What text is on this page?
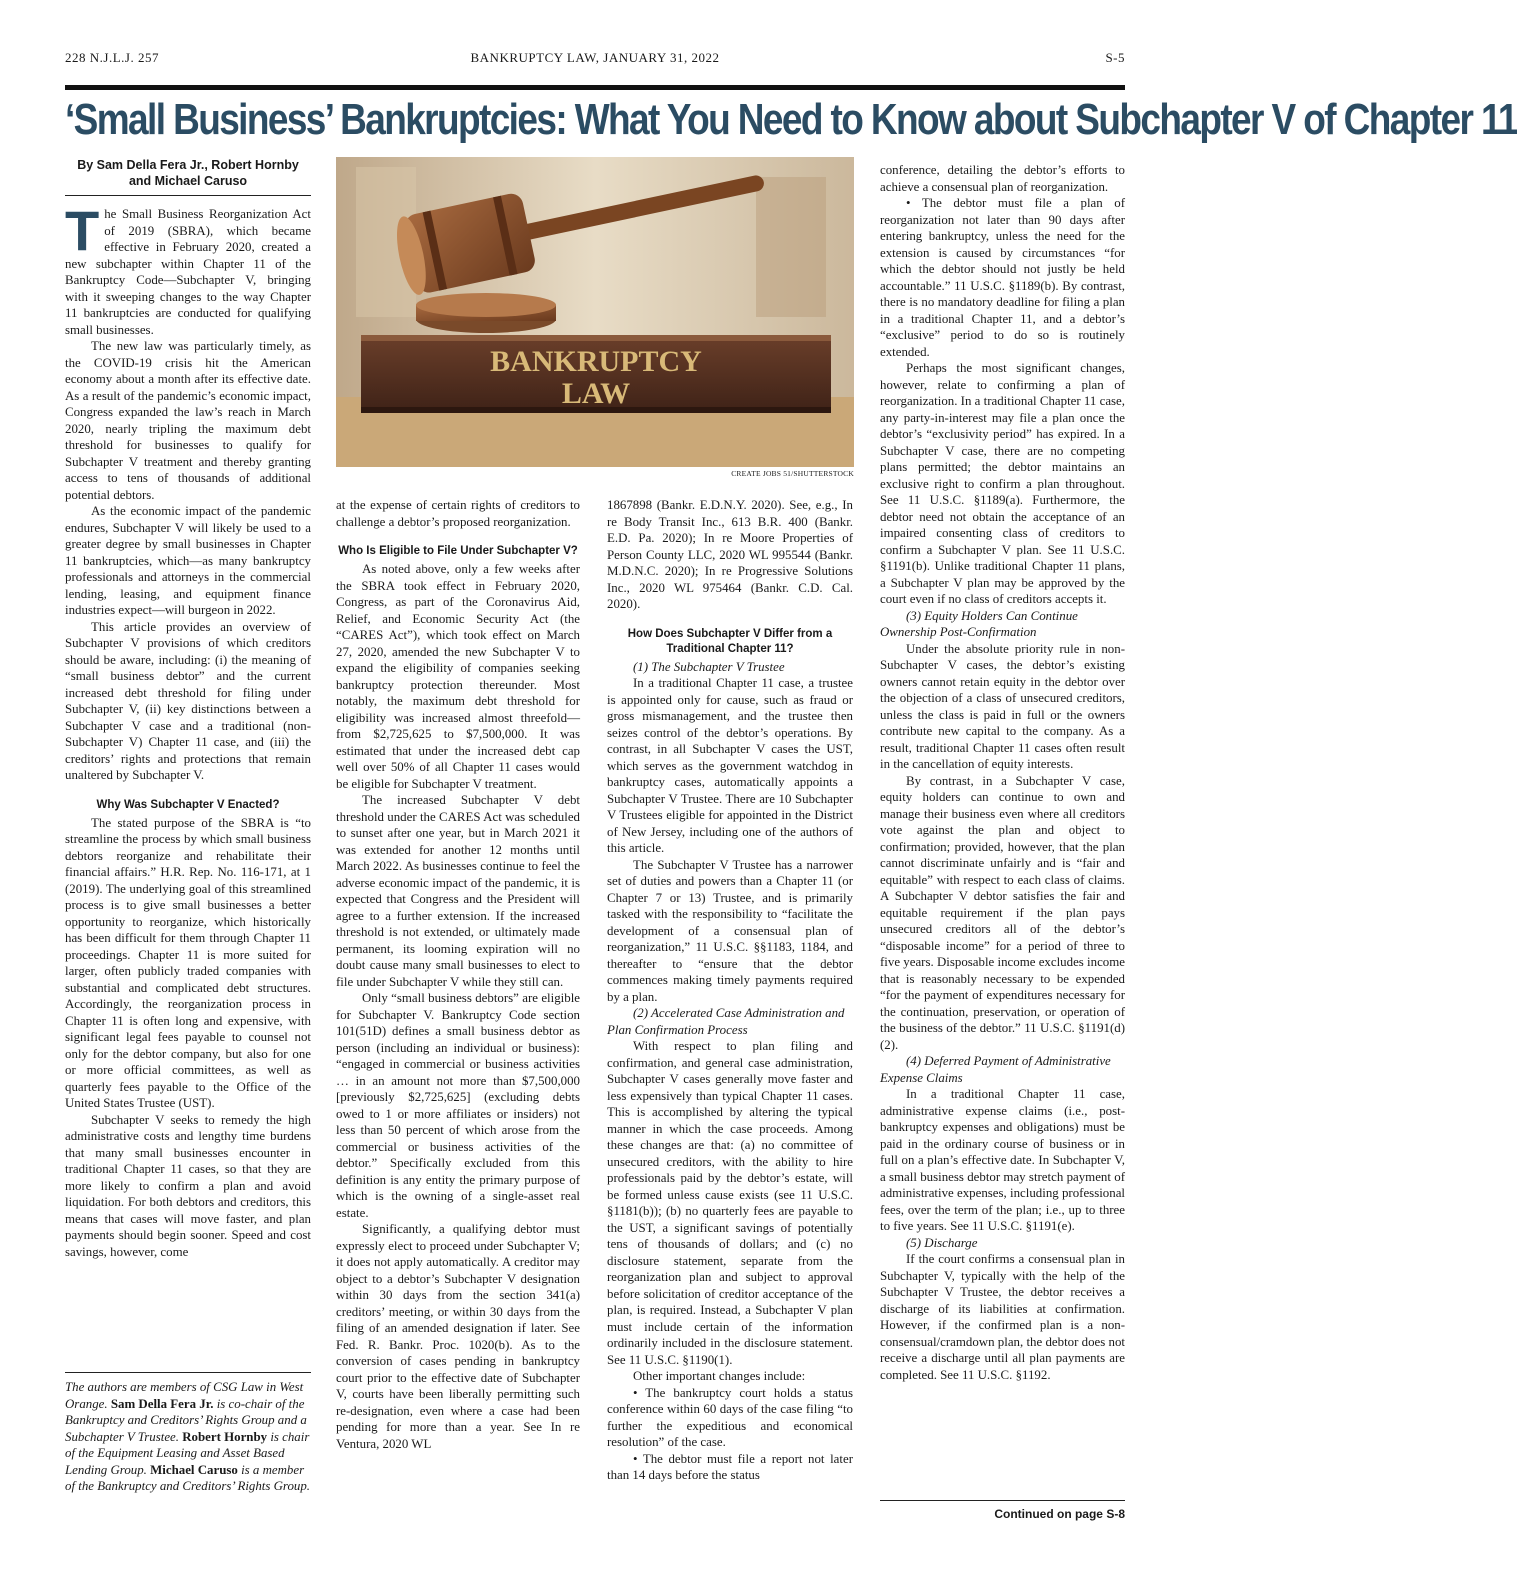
228 N.J.L.J. 257	BANKRUPTCY LAW, JANUARY 31, 2022	S-5
‘Small Business’ Bankruptcies: What You Need to Know about Subchapter V of Chapter 11
By Sam Della Fera Jr., Robert Hornby
and Michael Caruso
T he Small Business Reorganization Act of 2019 (SBRA), which became effective in February 2020, created a new subchapter within Chapter 11 of the Bankruptcy Code—Subchapter V, bringing with it sweeping changes to the way Chapter 11 bankruptcies are conducted for qualifying small businesses.

The new law was particularly timely, as the COVID-19 crisis hit the American economy about a month after its effective date. As a result of the pandemic’s economic impact, Congress expanded the law’s reach in March 2020, nearly tripling the maximum debt threshold for businesses to qualify for Subchapter V treatment and thereby granting access to tens of thousands of additional potential debtors.

As the economic impact of the pandemic endures, Subchapter V will likely be used to a greater degree by small businesses in Chapter 11 bankruptcies, which—as many bankruptcy professionals and attorneys in the commercial lending, leasing, and equipment finance industries expect—will burgeon in 2022.

This article provides an overview of Subchapter V provisions of which creditors should be aware, including: (i) the meaning of “small business debtor” and the current increased debt threshold for filing under Subchapter V, (ii) key distinctions between a Subchapter V case and a traditional (non-Subchapter V) Chapter 11 case, and (iii) the creditors’ rights and protections that remain unaltered by Subchapter V.

Why Was Subchapter V Enacted?

The stated purpose of the SBRA is “to streamline the process by which small business debtors reorganize and rehabilitate their financial affairs.” H.R. Rep. No. 116-171, at 1 (2019). The underlying goal of this streamlined process is to give small businesses a better opportunity to reorganize, which historically has been difficult for them through Chapter 11 proceedings. Chapter 11 is more suited for larger, often publicly traded companies with substantial and complicated debt structures. Accordingly, the reorganization process in Chapter 11 is often long and expensive, with significant legal fees payable to counsel not only for the debtor company, but also for one or more official committees, as well as quarterly fees payable to the Office of the United States Trustee (UST).

Subchapter V seeks to remedy the high administrative costs and lengthy time burdens that many small businesses encounter in traditional Chapter 11 cases, so that they are more likely to confirm a plan and avoid liquidation. For both debtors and creditors, this means that cases will move faster, and plan payments should begin sooner. Speed and cost savings, however, come

The authors are members of CSG Law in West Orange. Sam Della Fera Jr. is co-chair of the Bankruptcy and Creditors’ Rights Group and a Subchapter V Trustee. Robert Hornby is chair of the Equipment Leasing and Asset Based Lending Group. Michael Caruso is a member of the Bankruptcy and Creditors’ Rights Group.
BANKRUPTCY
LAW
CREATE JOBS 51/SHUTTERSTOCK

at the expense of certain rights of creditors to challenge a debtor’s proposed reorganization.

Who Is Eligible to File Under Subchapter V?

As noted above, only a few weeks after the SBRA took effect in February 2020, Congress, as part of the Coronavirus Aid, Relief, and Economic Security Act (the “CARES Act”), which took effect on March 27, 2020, amended the new Subchapter V to expand the eligibility of companies seeking bankruptcy protection thereunder. Most notably, the maximum debt threshold for eligibility was increased almost threefold—from $2,725,625 to $7,500,000. It was estimated that under the increased debt cap well over 50% of all Chapter 11 cases would be eligible for Subchapter V treatment.

The increased Subchapter V debt threshold under the CARES Act was scheduled to sunset after one year, but in March 2021 it was extended for another 12 months until March 2022. As businesses continue to feel the adverse economic impact of the pandemic, it is expected that Congress and the President will agree to a further extension. If the increased threshold is not extended, or ultimately made permanent, its looming expiration will no doubt cause many small businesses to elect to file under Subchapter V while they still can.

Only “small business debtors” are eligible for Subchapter V. Bankruptcy Code section 101(51D) defines a small business debtor as person (including an individual or business): “engaged in commercial or business activities … in an amount not more than $7,500,000 [previously $2,725,625] (excluding debts owed to 1 or more affiliates or insiders) not less than 50 percent of which arose from the commercial or business activities of the debtor.” Specifically excluded from this definition is any entity the primary purpose of which is the owning of a single-asset real estate.

Significantly, a qualifying debtor must expressly elect to proceed under Subchapter V; it does not apply automatically. A creditor may object to a debtor’s Subchapter V designation within 30 days from the section 341(a) creditors’ meeting, or within 30 days from the filing of an amended designation if later. See Fed. R. Bankr. Proc. 1020(b). As to the conversion of cases pending in bankruptcy court prior to the effective date of Subchapter V, courts have been liberally permitting such re-designation, even where a case had been pending for more than a year. See In re Ventura, 2020 WL

1867898 (Bankr. E.D.N.Y. 2020). See, e.g., In re Body Transit Inc., 613 B.R. 400 (Bankr. E.D. Pa. 2020); In re Moore Properties of Person County LLC, 2020 WL 995544 (Bankr. M.D.N.C. 2020); In re Progressive Solutions Inc., 2020 WL 975464 (Bankr. C.D. Cal. 2020).

How Does Subchapter V Differ from a Traditional Chapter 11?

(1) The Subchapter V Trustee

In a traditional Chapter 11 case, a trustee is appointed only for cause, such as fraud or gross mismanagement, and the trustee then seizes control of the debtor’s operations. By contrast, in all Subchapter V cases the UST, which serves as the government watchdog in bankruptcy cases, automatically appoints a Subchapter V Trustee. There are 10 Subchapter V Trustees eligible for appointed in the District of New Jersey, including one of the authors of this article.

The Subchapter V Trustee has a narrower set of duties and powers than a Chapter 11 (or Chapter 7 or 13) Trustee, and is primarily tasked with the responsibility to “facilitate the development of a consensual plan of reorganization,” 11 U.S.C. §§1183, 1184, and thereafter to “ensure that the debtor commences making timely payments required by a plan.

(2) Accelerated Case Administration and Plan Confirmation Process

With respect to plan filing and confirmation, and general case administration, Subchapter V cases generally move faster and less expensively than typical Chapter 11 cases. This is accomplished by altering the typical manner in which the case proceeds. Among these changes are that: (a) no committee of unsecured creditors, with the ability to hire professionals paid by the debtor’s estate, will be formed unless cause exists (see 11 U.S.C. §1181(b)); (b) no quarterly fees are payable to the UST, a significant savings of potentially tens of thousands of dollars; and (c) no disclosure statement, separate from the reorganization plan and subject to approval before solicitation of creditor acceptance of the plan, is required. Instead, a Subchapter V plan must include certain of the information ordinarily included in the disclosure statement. See 11 U.S.C. §1190(1).

Other important changes include:

• The bankruptcy court holds a status conference within 60 days of the case filing “to further the expeditious and economical resolution” of the case.

• The debtor must file a report not later than 14 days before the status

conference, detailing the debtor’s efforts to achieve a consensual plan of reorganization.

• The debtor must file a plan of reorganization not later than 90 days after entering bankruptcy, unless the need for the extension is caused by circumstances “for which the debtor should not justly be held accountable.” 11 U.S.C. §1189(b). By contrast, there is no mandatory deadline for filing a plan in a traditional Chapter 11, and a debtor’s “exclusive” period to do so is routinely extended.

Perhaps the most significant changes, however, relate to confirming a plan of reorganization. In a traditional Chapter 11 case, any party-in-interest may file a plan once the debtor’s “exclusivity period” has expired. In a Subchapter V case, there are no competing plans permitted; the debtor maintains an exclusive right to confirm a plan throughout. See 11 U.S.C. §1189(a). Furthermore, the debtor need not obtain the acceptance of an impaired consenting class of creditors to confirm a Subchapter V plan. See 11 U.S.C. §1191(b). Unlike traditional Chapter 11 plans, a Subchapter V plan may be approved by the court even if no class of creditors accepts it.

(3) Equity Holders Can Continue Ownership Post-Confirmation

Under the absolute priority rule in non-Subchapter V cases, the debtor’s existing owners cannot retain equity in the debtor over the objection of a class of unsecured creditors, unless the class is paid in full or the owners contribute new capital to the company. As a result, traditional Chapter 11 cases often result in the cancellation of equity interests.

By contrast, in a Subchapter V case, equity holders can continue to own and manage their business even where all creditors vote against the plan and object to confirmation; provided, however, that the plan cannot discriminate unfairly and is “fair and equitable” with respect to each class of claims. A Subchapter V debtor satisfies the fair and equitable requirement if the plan pays unsecured creditors all of the debtor’s “disposable income” for a period of three to five years. Disposable income excludes income that is reasonably necessary to be expended “for the payment of expenditures necessary for the continuation, preservation, or operation of the business of the debtor.” 11 U.S.C. §1191(d)(2).

(4) Deferred Payment of Administrative Expense Claims

In a traditional Chapter 11 case, administrative expense claims (i.e., post-bankruptcy expenses and obligations) must be paid in the ordinary course of business or in full on a plan’s effective date. In Subchapter V, a small business debtor may stretch payment of administrative expenses, including professional fees, over the term of the plan; i.e., up to three to five years. See 11 U.S.C. §1191(e).

(5) Discharge

If the court confirms a consensual plan in Subchapter V, typically with the help of the Subchapter V Trustee, the debtor receives a discharge of its liabilities at confirmation. However, if the confirmed plan is a non-consensual/cramdown plan, the debtor does not receive a discharge until all plan payments are completed. See 11 U.S.C. §1192.

Continued on page S-8
